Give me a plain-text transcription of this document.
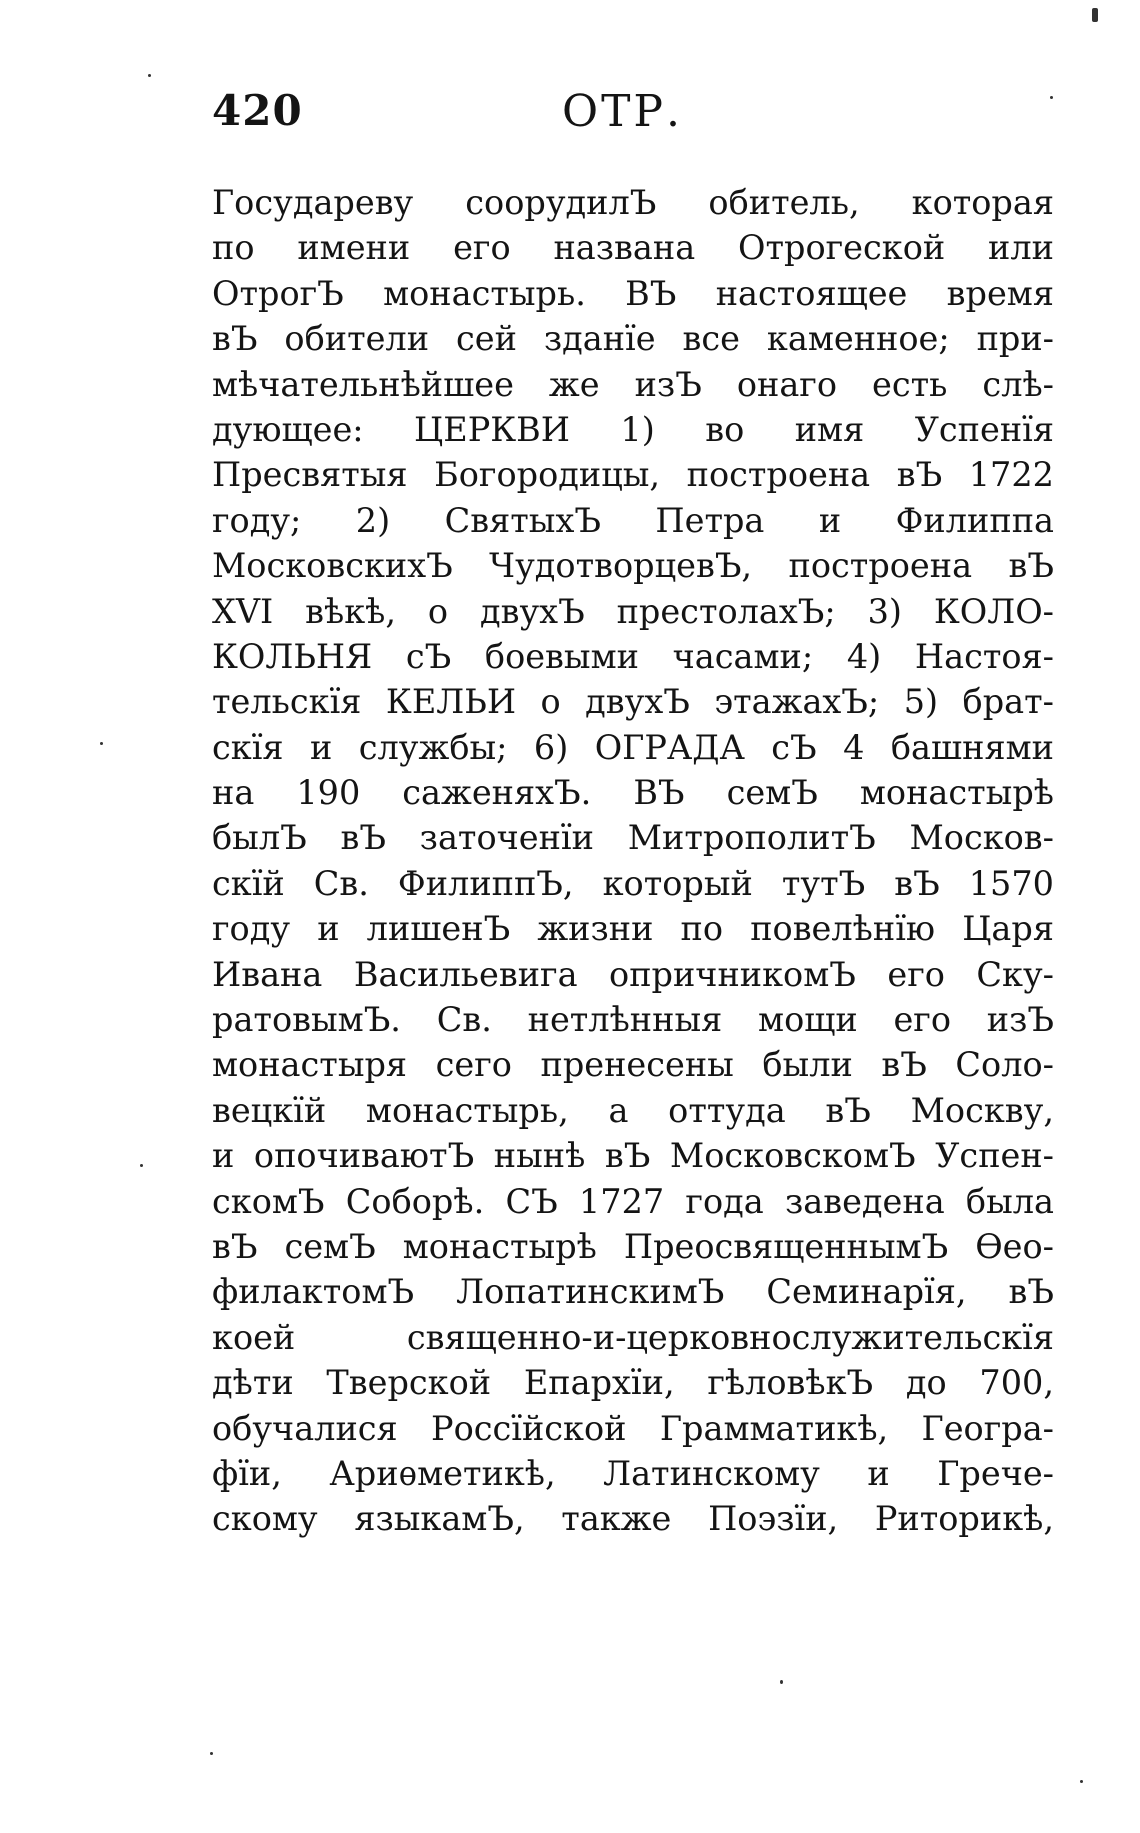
420	ОТР.
Государеву соорудилЪ обитель, которая
по имени его названа Отрогеской или
ОтрогЪ монастырь. ВЪ настоящее время
вЪ обители сей зданїе все каменное; при-
мѣчательнѣйшее же изЪ онаго есть слѣ-
дующее: ЦЕРКВИ 1) во имя Успенїя
Пресвятыя Богородицы, построена вЪ 1722
году; 2) СвятыхЪ Петра и Филиппа
МосковскихЪ ЧудотворцевЪ, построена вЪ
XVI вѣкѣ, о двухЪ престолахЪ; 3) КОЛО-
КОЛЬНЯ сЪ боевыми часами; 4) Настоя-
тельскїя КЕЛЬИ о двухЪ этажахЪ; 5) брат-
скїя и службы; 6) ОГРАДА сЪ 4 башнями
на 190 саженяхЪ. ВЪ семЪ монастырѣ
былЪ вЪ заточенїи МитрополитЪ Москов-
скїй Св. ФилиппЪ, который тутЪ вЪ 1570
году и лишенЪ жизни по повелѣнїю Царя
Ивана Васильевига опричникомЪ его Ску-
ратовымЪ. Св. нетлѣнныя мощи его изЪ
монастыря сего пренесены были вЪ Соло-
вецкїй монастырь, а оттуда вЪ Москву,
и опочиваютЪ нынѣ вЪ МосковскомЪ Успен-
скомЪ Соборѣ. СЪ 1727 года заведена была
вЪ семЪ монастырѣ ПреосвященнымЪ Ѳео-
филактомЪ ЛопатинскимЪ Семинарїя, вЪ
коей священно-и-церковнослужительскїя
дѣти Тверской Епархїи, гѣловѣкЪ до 700,
обучалися Россїйской Грамматикѣ, Геогра-
фїи, Ариѳметикѣ, Латинскому и Грече-
скому языкамЪ, также Поэзїи, Риторикѣ,
